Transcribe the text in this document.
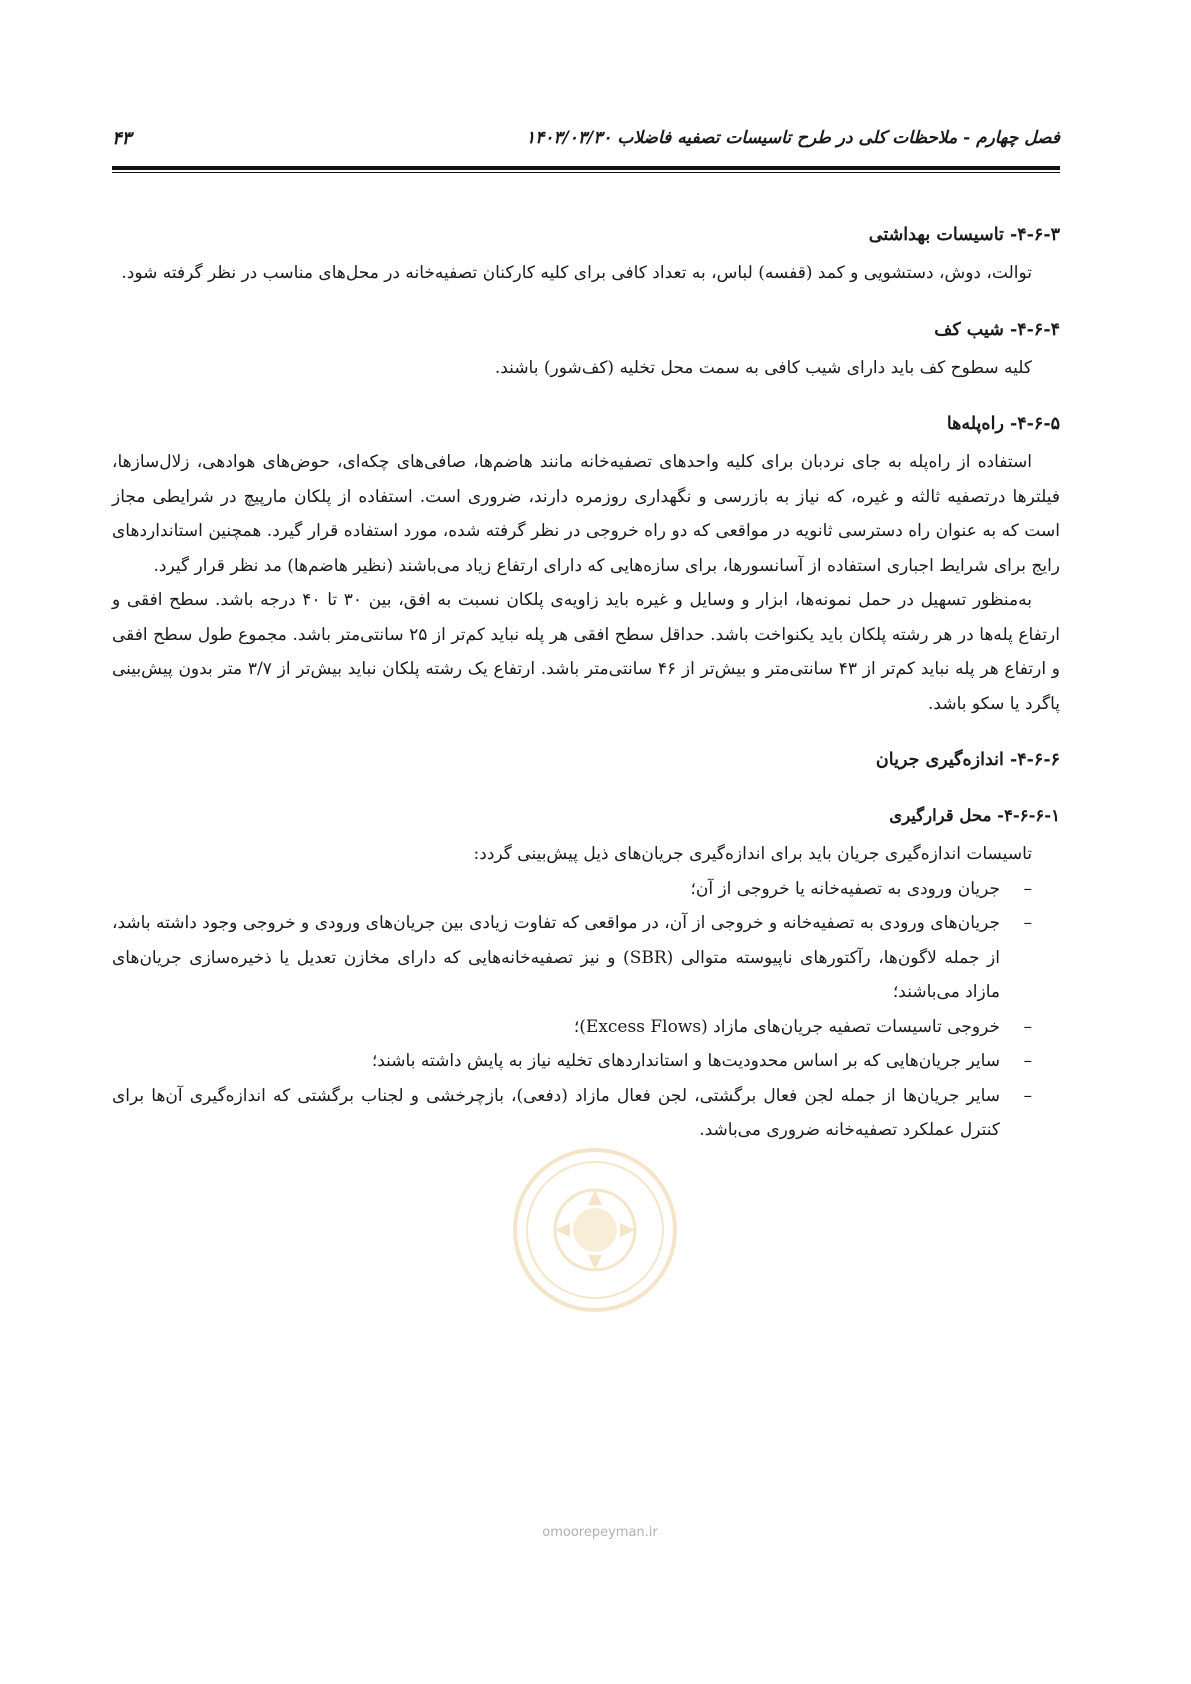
فصل چهارم - ملاحظات کلی در طرح تاسیسات تصفیه فاضلاب ۱۴۰۳/۰۳/۳۰
۴۳
۴-۶-۳- تاسیسات بهداشتی

توالت، دوش، دستشویی و کمد (قفسه) لباس، به تعداد کافی برای کلیه کارکنان تصفیه‌خانه در محل‌های مناسب در نظر گرفته شود.

۴-۶-۴- شیب کف

کلیه سطوح کف باید دارای شیب کافی به سمت محل تخلیه (کف‌شور) باشند.

۴-۶-۵- راه‌پله‌ها

استفاده از راه‌پله به جای نردبان برای کلیه واحدهای تصفیه‌خانه مانند هاضم‌ها، صافی‌های چکه‌ای، حوض‌های هوادهی، زلال‌سازها، فیلترها درتصفیه ثالثه و غیره، که نیاز به بازرسی و نگهداری روزمره دارند، ضروری است. استفاده از پلکان مارپیچ در شرایطی مجاز است که به عنوان راه دسترسی ثانویه در مواقعی که دو راه خروجی در نظر گرفته شده، مورد استفاده قرار گیرد. همچنین استانداردهای رایج برای شرایط اجباری استفاده از آسانسورها، برای سازه‌هایی که دارای ارتفاع زیاد می‌باشند (نظیر هاضم‌ها) مد نظر قرار گیرد.

به‌منظور تسهیل در حمل نمونه‌ها، ابزار و وسایل و غیره باید زاویه‌ی پلکان نسبت به افق، بین ۳۰ تا ۴۰ درجه باشد. سطح افقی و ارتفاع پله‌ها در هر رشته پلکان باید یکنواخت باشد. حداقل سطح افقی هر پله نباید کم‌تر از ۲۵ سانتی‌متر باشد. مجموع طول سطح افقی و ارتفاع هر پله نباید کم‌تر از ۴۳ سانتی‌متر و بیش‌تر از ۴۶ سانتی‌متر باشد. ارتفاع یک رشته پلکان نباید بیش‌تر از ۳/۷ متر بدون پیش‌بینی پاگرد یا سکو باشد.

۴-۶-۶- اندازه‌گیری جریان
۴-۶-۶-۱- محل قرارگیری

تاسیسات اندازه‌گیری جریان باید برای اندازه‌گیری جریان‌های ذیل پیش‌بینی گردد:

–
جریان ورودی به تصفیه‌خانه یا خروجی از آن؛
–
جریان‌های ورودی به تصفیه‌خانه و خروجی از آن، در مواقعی که تفاوت زیادی بین جریان‌های ورودی و خروجی وجود داشته باشد، از جمله لاگون‌ها، رآکتورهای ناپیوسته متوالی (SBR) و نیز تصفیه‌خانه‌هایی که دارای مخازن تعدیل یا ذخیره‌سازی جریان‌های مازاد می‌باشند؛
–
خروجی تاسیسات تصفیه جریان‌های مازاد (Excess Flows)؛
–
سایر جریان‌هایی که بر اساس محدودیت‌ها و استانداردهای تخلیه نیاز به پایش داشته باشند؛
–
سایر جریان‌ها از جمله لجن فعال برگشتی، لجن فعال مازاد (دفعی)، بازچرخشی و لجناب برگشتی که اندازه‌گیری آن‌ها برای کنترل عملکرد تصفیه‌خانه ضروری می‌باشد.
omoorepeyman.ir
